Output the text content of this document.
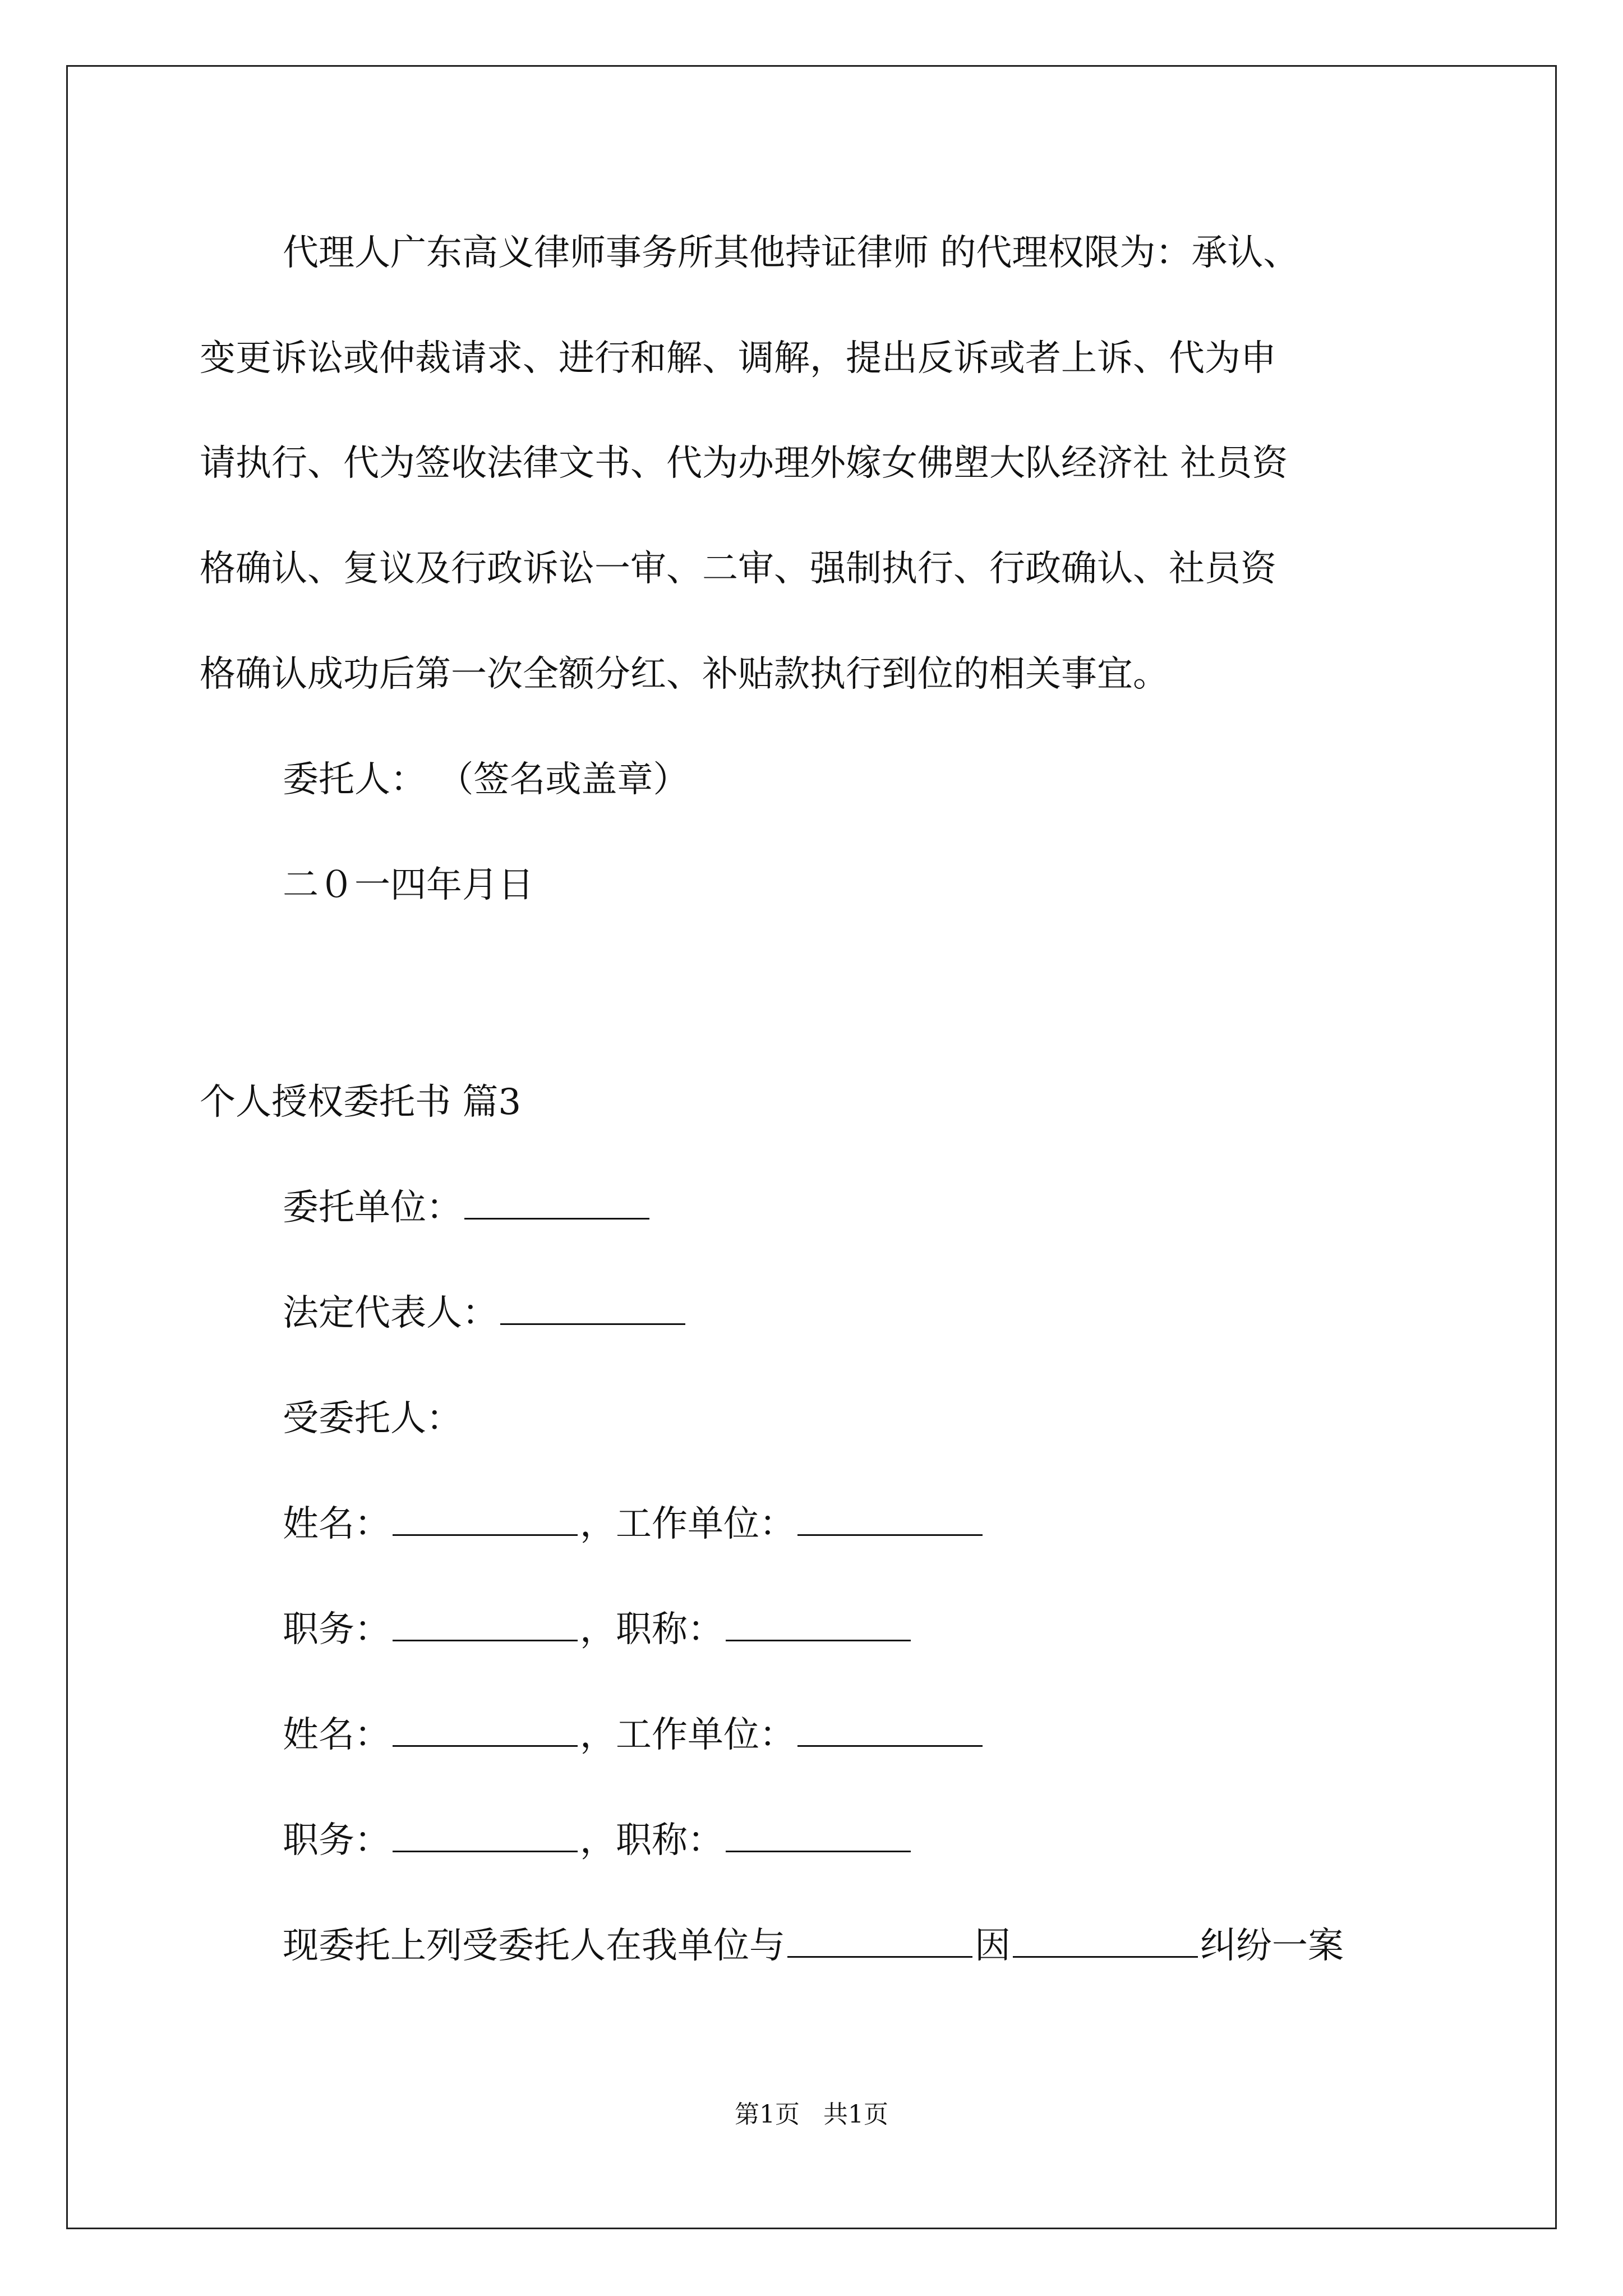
代理人广东高义律师事务所其他持证律师 的代理权限为：承认、
变更诉讼或仲裁请求、进行和解、调解，提出反诉或者上诉、代为申
请执行、代为签收法律文书、代为办理外嫁女佛塱大队经济社 社员资
格确认、复议及行政诉讼一审、二审、强制执行、行政确认、社员资
格确认成功后第一次全额分红、补贴款执行到位的相关事宜。
委托人： （签名或盖章）
二０一四年月日
个人授权委托书 篇3
委托单位：
法定代表人：
受委托人：
姓名：	，工作单位：
职务：	，职称：
姓名：	，工作单位：
职务：	，职称：
现委托上列受委托人在我单位与	因	纠纷一案
第1页 共1页
